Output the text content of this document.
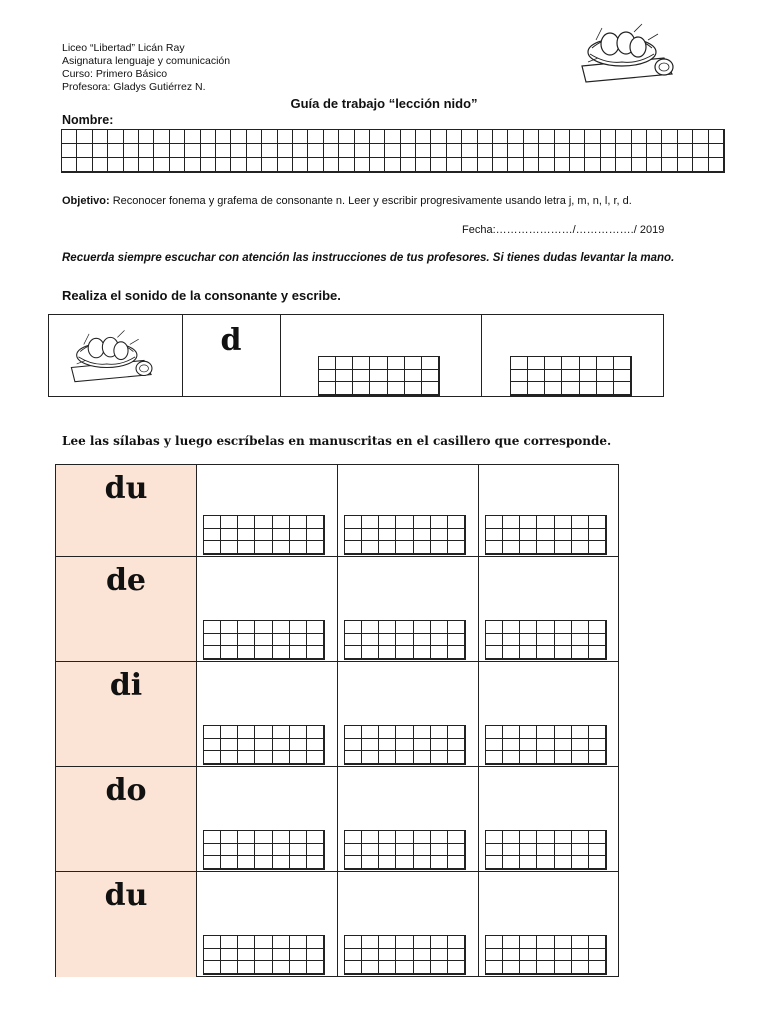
Liceo “Libertad” Licán Ray
Asignatura lenguaje y comunicación
Curso: Primero Básico
Profesora: Gladys Gutiérrez N.
Guía de trabajo “lección nido”
Nombre:
Objetivo: Reconocer fonema y grafema de consonante n. Leer y escribir progresivamente usando letra j, m, n, l, r, d.
Fecha:…………………/……………./ 2019
Recuerda siempre escuchar con atención las instrucciones de tus profesores. Si tienes dudas levantar la mano.
Realiza el sonido de la consonante y escribe.
d
Lee las sílabas y luego escríbelas en manuscritas en el casillero que corresponde.
du
de
di
do
du
